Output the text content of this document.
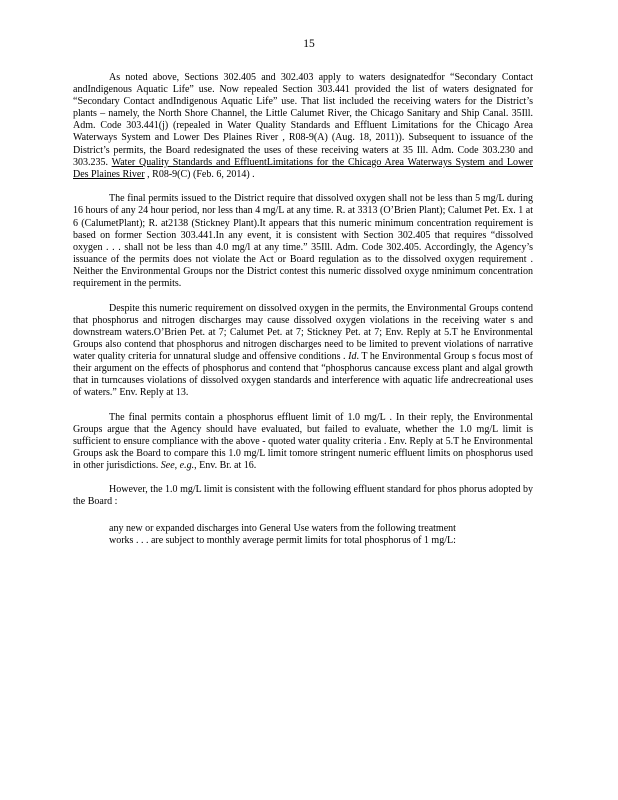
15

As noted above, Sections 302.405 and 302.403 apply to waters designatedfor “Secondary Contact andIndigenous Aquatic Life” use. Now repealed Section 303.441 provided the list of waters designated for “Secondary Contact andIndigenous Aquatic Life” use. That list included the receiving waters for the District’s plants – namely, the North Shore Channel, the Little Calumet River, the Chicago Sanitary and Ship Canal. 35Ill. Adm. Code 303.441(j) (repealed in Water Quality Standards and Effluent Limitations for the Chicago Area Waterways System and Lower Des Plaines River , R08-9(A) (Aug. 18, 2011)). Subsequent to issuance of the District’s permits, the Board redesignated the uses of these receiving waters at 35 Ill. Adm. Code 303.230 and 303.235. Water Quality Standards and EffluentLimitations for the Chicago Area Waterways System and Lower Des Plaines River , R08-9(C) (Feb. 6, 2014) .

The final permits issued to the District require that dissolved oxygen shall not be less than 5 mg/L during 16 hours of any 24 hour period, nor less than 4 mg/L at any time. R. at 3313 (O’Brien Plant); Calumet Pet. Ex. 1 at 6 (CalumetPlant); R. at2138 (Stickney Plant).It appears that this numeric minimum concentration requirement is based on former Section 303.441.In any event, it is consistent with Section 302.405 that requires “dissolved oxygen . . . shall not be less than 4.0 mg/l at any time.” 35Ill. Adm. Code 302.405. Accordingly, the Agency’s issuance of the permits does not violate the Act or Board regulation as to the dissolved oxygen requirement . Neither the Environmental Groups nor the District contest this numeric dissolved oxyge nminimum concentration requirement in the permits.

Despite this numeric requirement on dissolved oxygen in the permits, the Environmental Groups contend that phosphorus and nitrogen discharges may cause dissolved oxygen violations in the receiving water s and downstream waters.O’Brien Pet. at 7; Calumet Pet. at 7; Stickney Pet. at 7; Env. Reply at 5.T he Environmental Groups also contend that phosphorus and nitrogen discharges need to be limited to prevent violations of narrative water quality criteria for unnatural sludge and offensive conditions . Id. T he Environmental Group s focus most of their argument on the effects of phosphorus and contend that “phosphorus cancause excess plant and algal growth that in turncauses violations of dissolved oxygen standards and interference with aquatic life andrecreational uses of waters.” Env. Reply at 13.

The final permits contain a phosphorus effluent limit of 1.0 mg/L . In their reply, the Environmental Groups argue that the Agency should have evaluated, but failed to evaluate, whether the 1.0 mg/L limit is sufficient to ensure compliance with the above - quoted water quality criteria . Env. Reply at 5.T he Environmental Groups ask the Board to compare this 1.0 mg/L limit tomore stringent numeric effluent limits on phosphorus used in other jurisdictions. See, e.g., Env. Br. at 16.

However, the 1.0 mg/L limit is consistent with the following effluent standard for phos phorus adopted by the Board :

any new or expanded discharges into General Use waters from the following treatment works . . . are subject to monthly average permit limits for total phosphorus of 1 mg/L:
